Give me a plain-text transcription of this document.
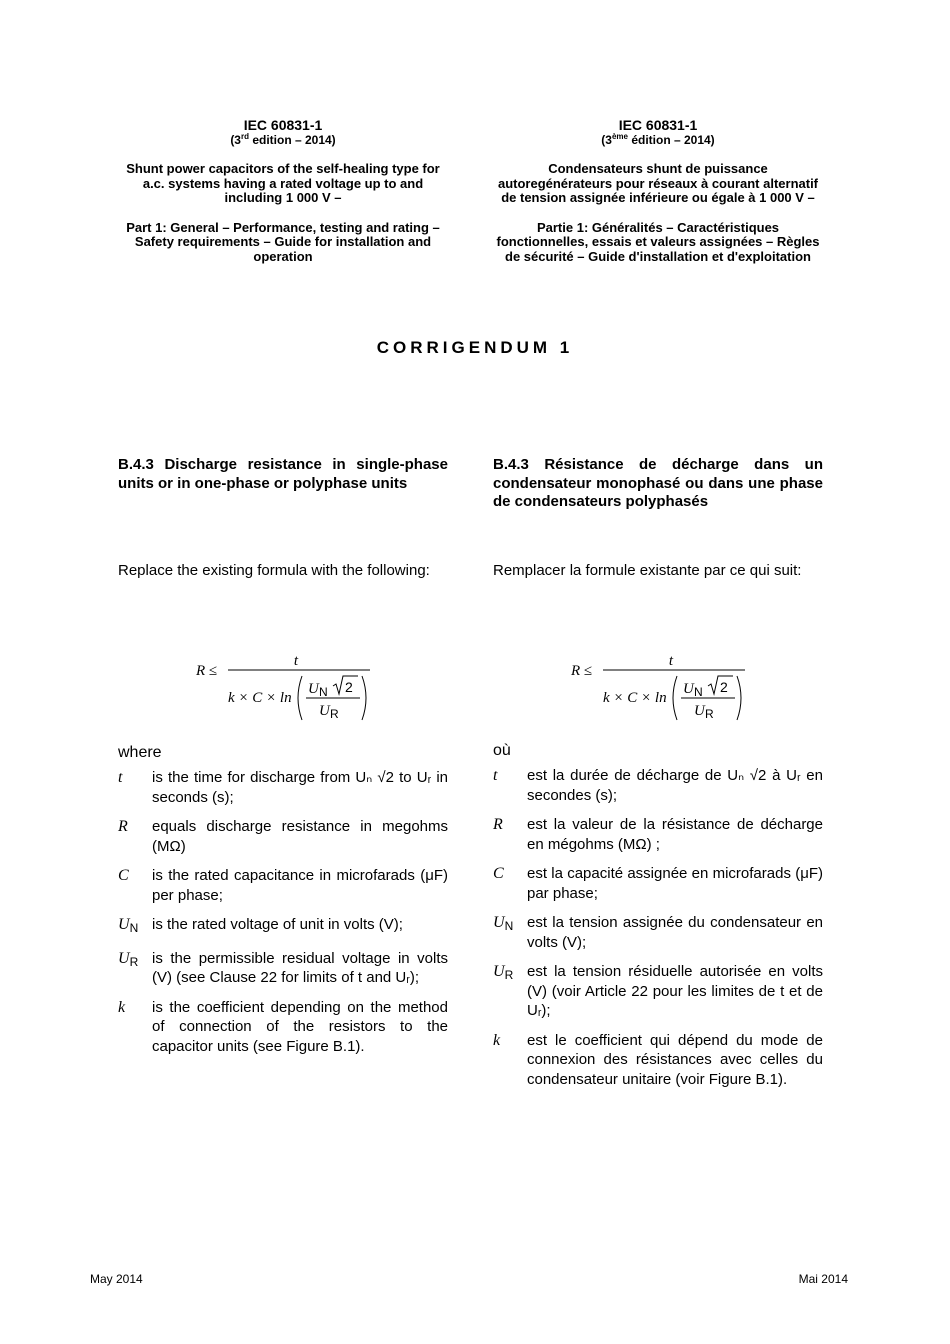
IEC 60831-1

(3rd edition – 2014)

Shunt power capacitors of the self-healing type for a.c. systems having a rated voltage up to and including 1 000 V –

Part 1: General – Performance, testing and rating – Safety requirements – Guide for installation and operation

IEC 60831-1

(3ème édition – 2014)

Condensateurs shunt de puissance autoregénérateurs pour réseaux à courant alternatif de tension assignée inférieure ou égale à 1 000 V –

Partie 1: Généralités – Caractéristiques fonctionnelles, essais et valeurs assignées – Règles de sécurité – Guide d'installation et d'exploitation

CORRIGENDUM 1
B.4.3 Discharge resistance in single-phase units or in one-phase or polyphase units
B.4.3 Résistance de décharge dans un condensateur monophasé ou dans une phase de condensateurs polyphasés
Replace the existing formula with the following:	Remplacer la formule existante par ce qui suit:
R ≤
t
k × C × ln
U N 2
U R
R ≤
t
k × C × ln
U N 2
U R
where	où
t	is the time for discharge from Uₙ √2 to Uᵣ in seconds (s);
R	equals discharge resistance in megohms (MΩ)
C	is the rated capacitance in microfarads (μF) per phase;
$U_N$ is the rated voltage of unit in volts (V);
$U_R$ is the permissible residual voltage in volts (V) (see Clause 22 for limits of t and Uᵣ);
k	is the coefficient depending on the method of connection of the resistors to the capacitor units (see Figure B.1).
t	est la durée de décharge de Uₙ √2 à Uᵣ en secondes (s);
R	est la valeur de la résistance de décharge en mégohms (MΩ) ;
C	est la capacité assignée en microfarads (μF) par phase;
$U_N$ est la tension assignée du condensateur en volts (V);
$U_R$ est la tension résiduelle autorisée en volts (V) (voir Article 22 pour les limites de t et de Uᵣ);
k	est le coefficient qui dépend du mode de connexion des résistances avec celles du condensateur unitaire (voir Figure B.1).
May 2014	Mai 2014
